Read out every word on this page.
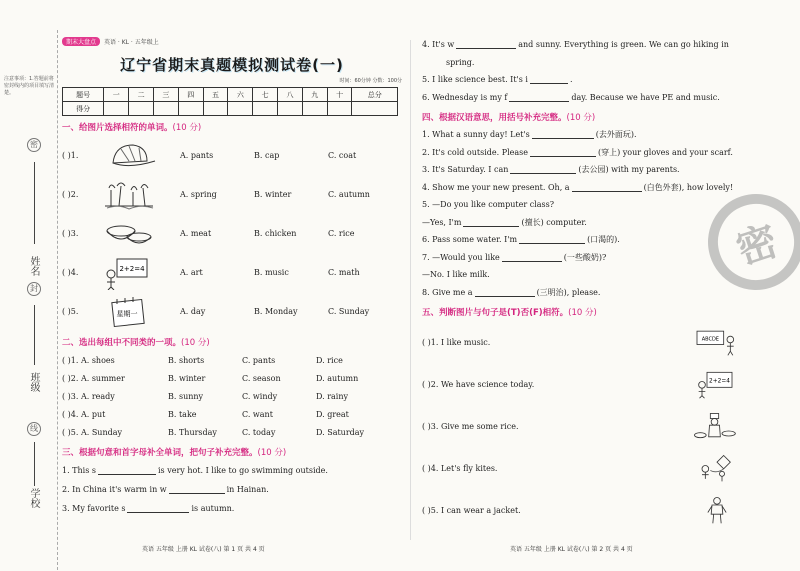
注意事项：1.答题前将密封线内的项目填写清楚。
密
姓名
封
班级
线
学校
期末大盘点	英语 · KL · 五年级上
辽宁省期末真题模拟测试卷(一)
时间：60分钟 分数：100分
题号	一	二	三	四	五	六	七	八	九	十	总分
得分											
一、给图片选择相符的单词。(10 分)
( )1.	A. pants	B. cap	C. coat
( )2.	A. spring	B. winter	C. autumn
( )3.	A. meat	B. chicken	C. rice
( )4.	2+2=4	A. art	B. music	C. math
( )5.	星期一	A. day	B. Monday	C. Sunday
二、选出每组中不同类的一项。(10 分)
( )1. A. shoes	B. shorts	C. pants	D. rice
( )2. A. summer	B. winter	C. season	D. autumn
( )3. A. ready	B. sunny	C. windy	D. rainy
( )4. A. put	B. take	C. want	D. great
( )5. A. Sunday	B. Thursday	C. today	D. Saturday
三、根据句意和首字母补全单词，把句子补充完整。(10 分)
1. This s	is very hot. I like to go swimming outside.
2. In China it's warm in w	in Hainan.
3. My favorite s	is autumn.
英语 五年级 上册 KL 试卷(八) 第 1 页 共 4 页
4. It's w	and sunny. Everything is green. We can go hiking in
spring.
5. I like science best. It's i	.
6. Wednesday is my f	day. Because we have PE and music.
四、根据汉语意思，用括号补充完整。(10 分)
1. What a sunny day! Let's	(去外面玩).
2. It's cold outside. Please	(穿上) your gloves and your scarf.
3. It's Saturday. I can	(去公园) with my parents.
4. Show me your new present. Oh, a	(白色外套), how lovely!
5. —Do you like computer class?
—Yes, I'm	(擅长) computer.
6. Pass some water. I'm	(口渴的).
7. —Would you like	(一些酸奶)?
—No. I like milk.
8. Give me a	(三明治), please.
五、判断图片与句子是(T)否(F)相符。(10 分)
( )1. I like music.	ABCDE
( )2. We have science today.	2+2=4
( )3. Give me some rice.
( )4. Let's fly kites.
( )5. I can wear a jacket.
密
英语 五年级 上册 KL 试卷(八) 第 2 页 共 4 页
